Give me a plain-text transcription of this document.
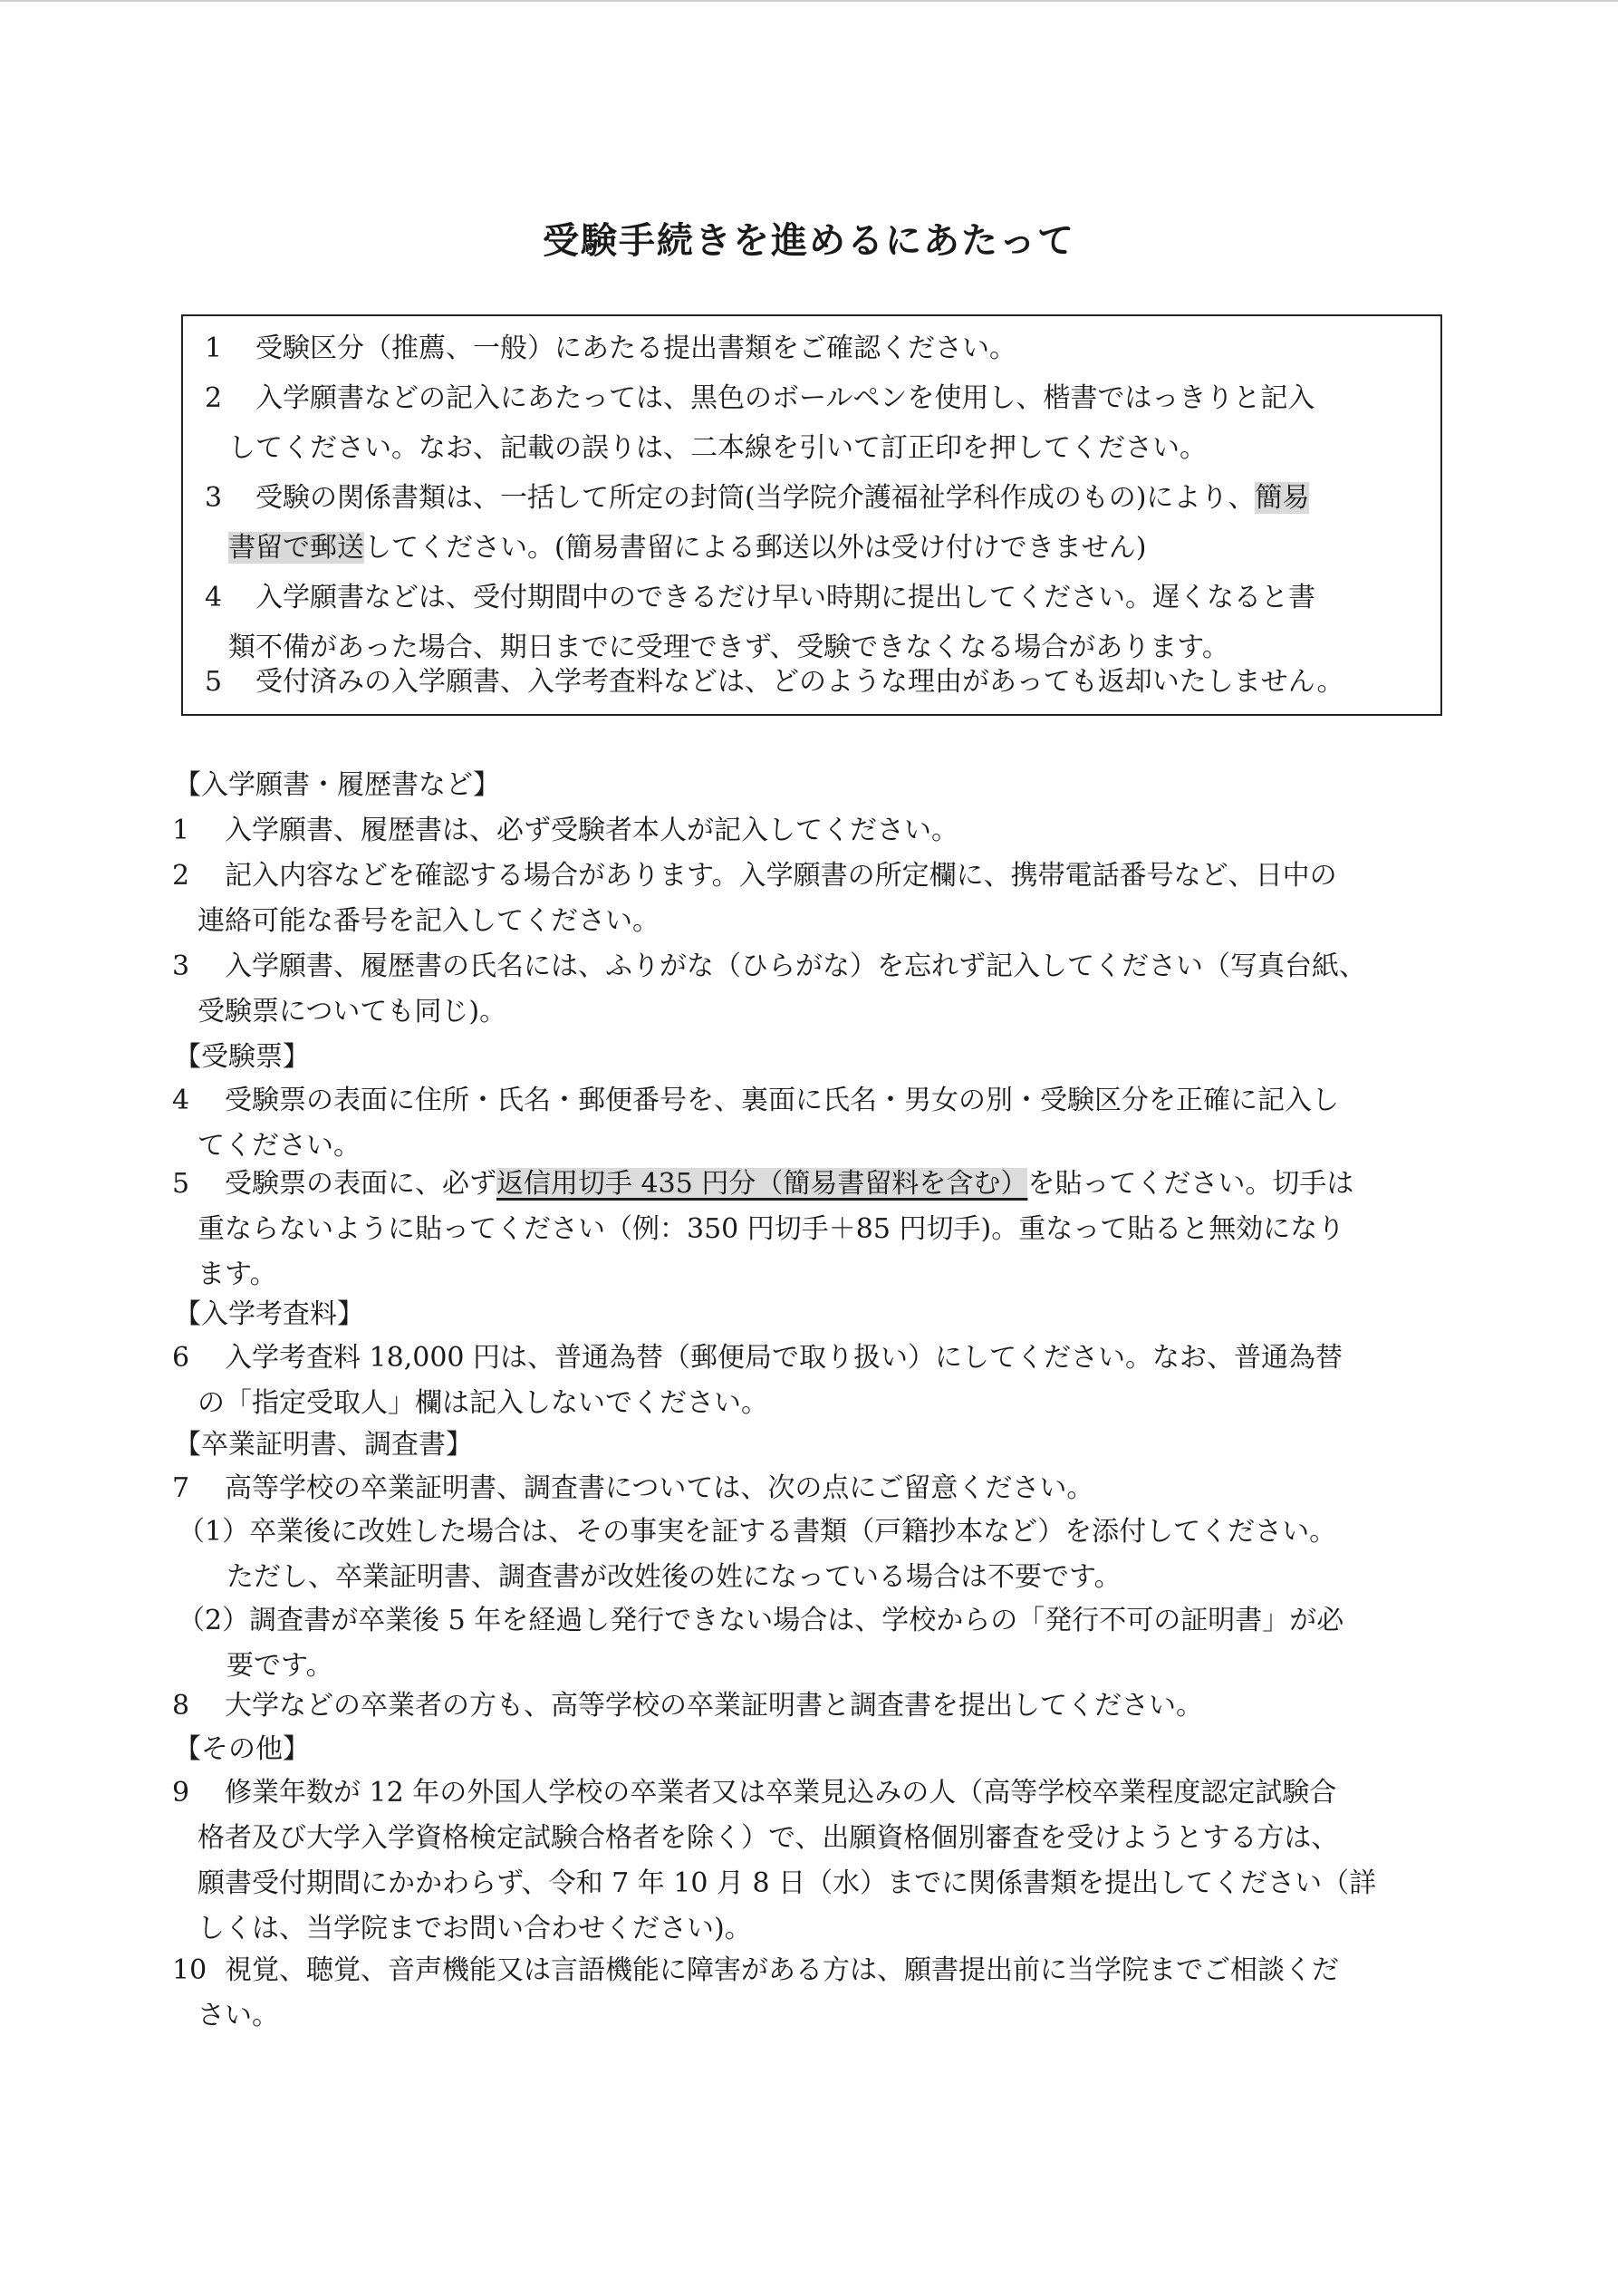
受験手続きを進めるにあたって
1 受験区分（推薦、一般）にあたる提出書類をご確認ください。
2 入学願書などの記入にあたっては、黒色のボールペンを使用し、楷書ではっきりと記入
してください。なお、記載の誤りは、二本線を引いて訂正印を押してください。
3 受験の関係書類は、一括して所定の封筒(当学院介護福祉学科作成のもの)により、簡易
書留で郵送してください。(簡易書留による郵送以外は受け付けできません)
4 入学願書などは、受付期間中のできるだけ早い時期に提出してください。遅くなると書
類不備があった場合、期日までに受理できず、受験できなくなる場合があります。
5 受付済みの入学願書、入学考査料などは、どのような理由があっても返却いたしません。
【入学願書・履歴書など】
1 入学願書、履歴書は、必ず受験者本人が記入してください。
2 記入内容などを確認する場合があります。入学願書の所定欄に、携帯電話番号など、日中の
連絡可能な番号を記入してください。
3 入学願書、履歴書の氏名には、ふりがな（ひらがな）を忘れず記入してください（写真台紙、
受験票についても同じ)。
【受験票】
4 受験票の表面に住所・氏名・郵便番号を、裏面に氏名・男女の別・受験区分を正確に記入し
てください。
5 受験票の表面に、必ず返信用切手 435 円分（簡易書留料を含む）を貼ってください。切手は
重ならないように貼ってください（例：350 円切手＋85 円切手)。重なって貼ると無効になり
ます。
【入学考査料】
6 入学考査料 18,000 円は、普通為替（郵便局で取り扱い）にしてください。なお、普通為替
の「指定受取人」欄は記入しないでください。
【卒業証明書、調査書】
7 高等学校の卒業証明書、調査書については、次の点にご留意ください。
（1）卒業後に改姓した場合は、その事実を証する書類（戸籍抄本など）を添付してください。
ただし、卒業証明書、調査書が改姓後の姓になっている場合は不要です。
（2）調査書が卒業後 5 年を経過し発行できない場合は、学校からの「発行不可の証明書」が必
要です。
8 大学などの卒業者の方も、高等学校の卒業証明書と調査書を提出してください。
【その他】
9 修業年数が 12 年の外国人学校の卒業者又は卒業見込みの人（高等学校卒業程度認定試験合
格者及び大学入学資格検定試験合格者を除く）で、出願資格個別審査を受けようとする方は、
願書受付期間にかかわらず、令和 7 年 10 月 8 日（水）までに関係書類を提出してください（詳
しくは、当学院までお問い合わせください)。
10 視覚、聴覚、音声機能又は言語機能に障害がある方は、願書提出前に当学院までご相談くだ
さい。
